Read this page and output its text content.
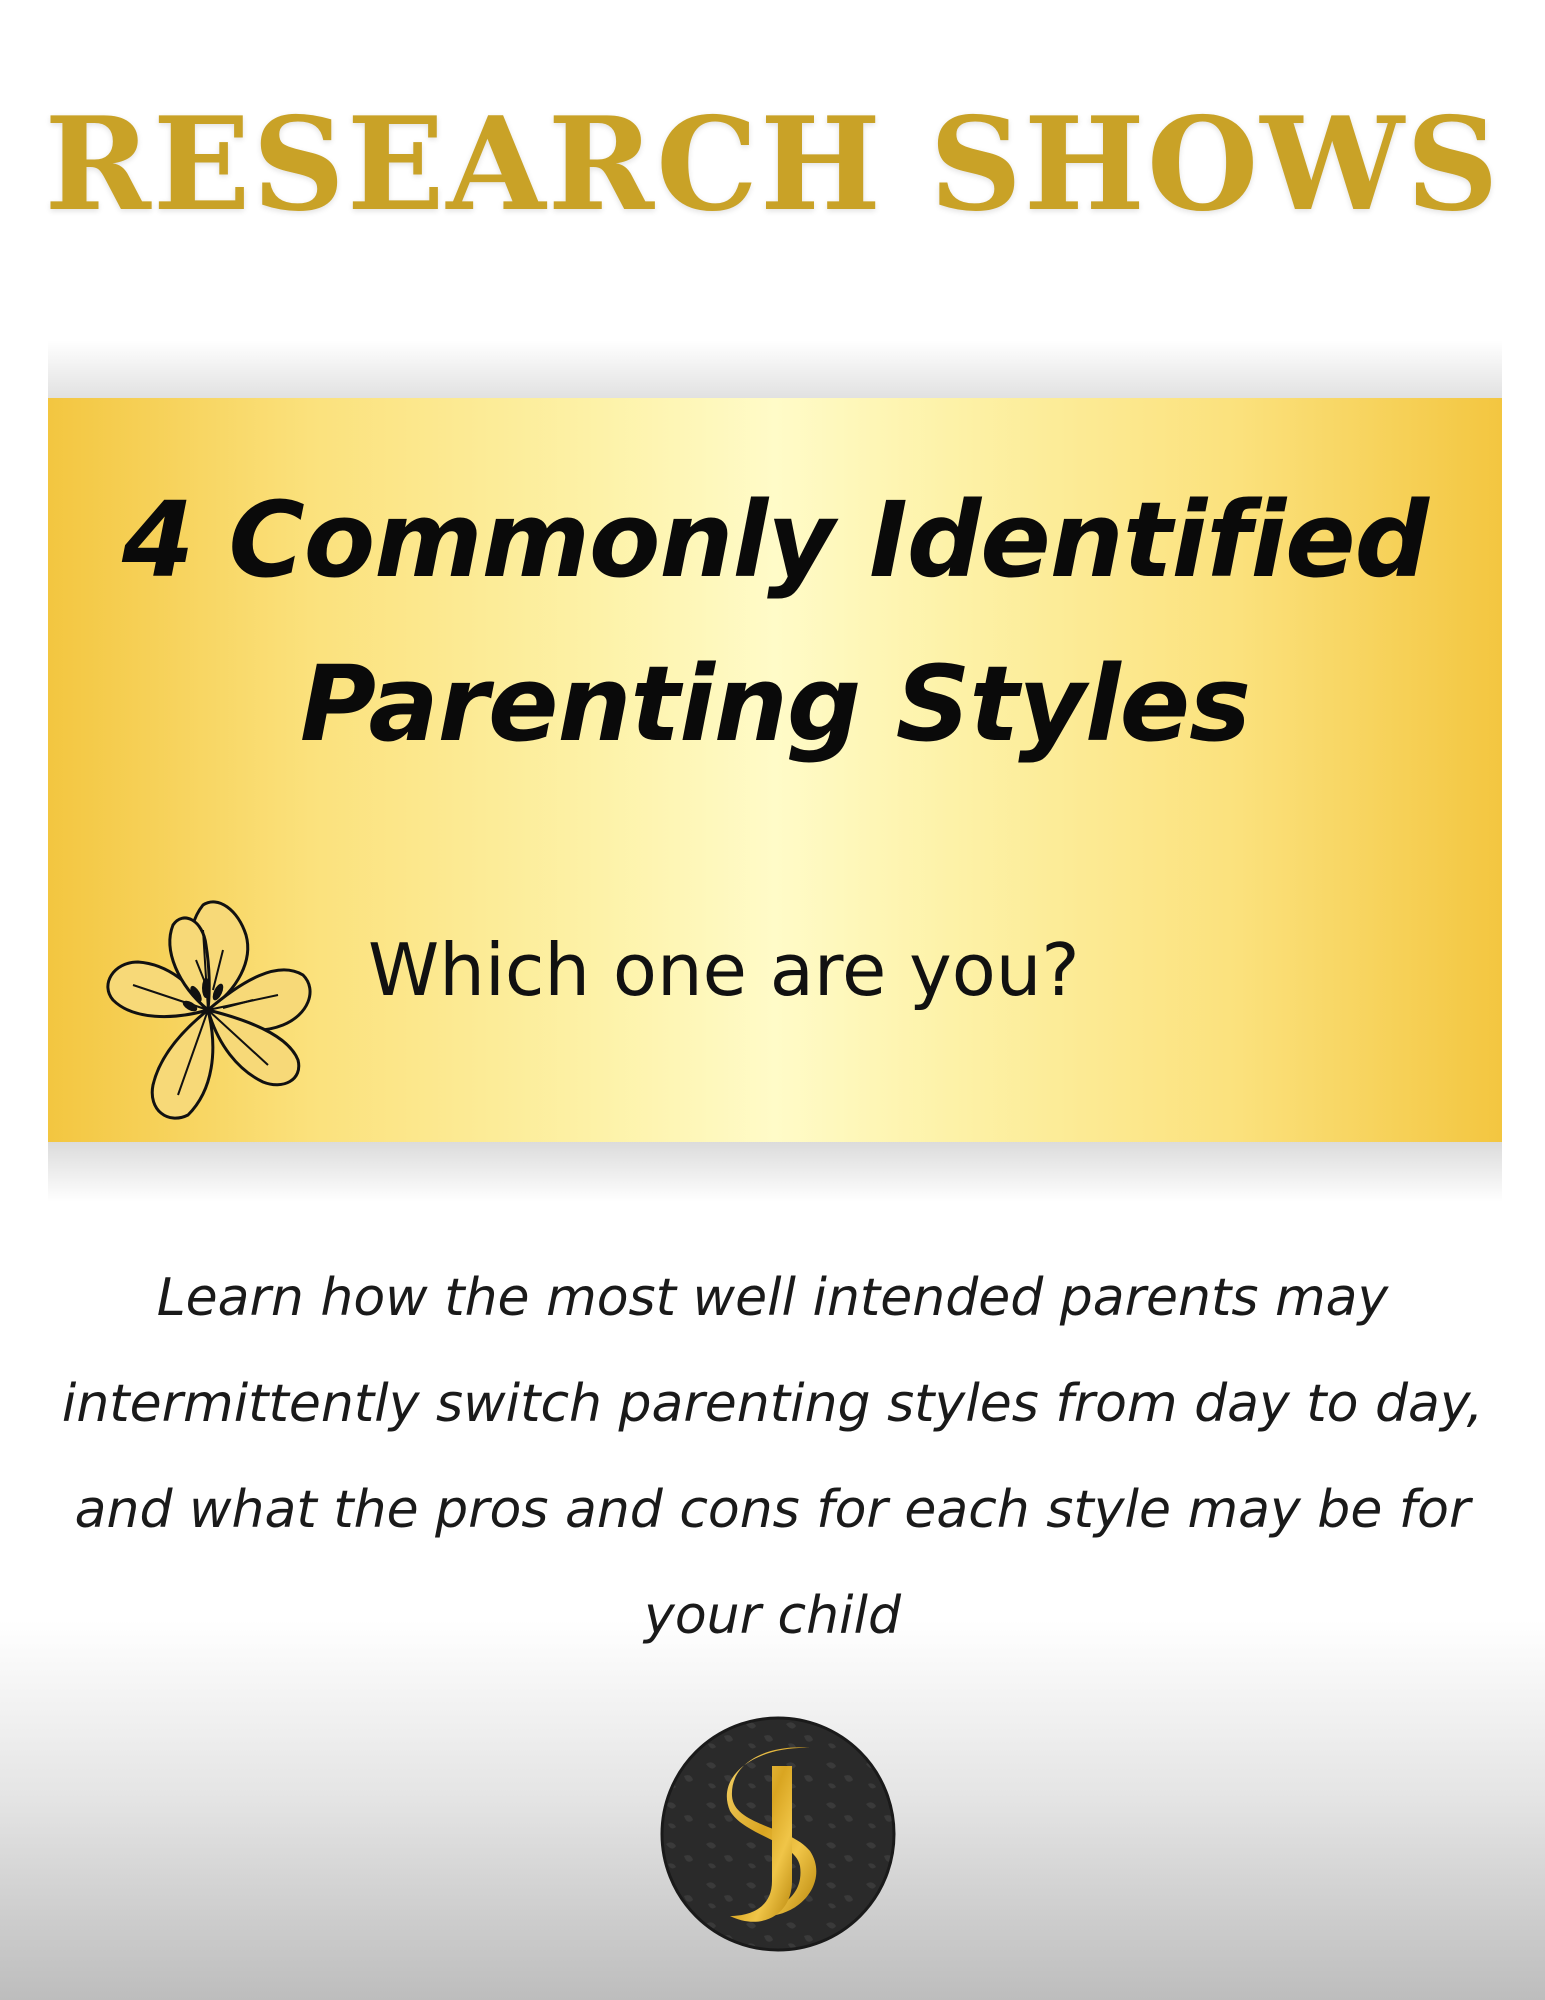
RESEARCH SHOWS
4 Commonly Identified Parenting Styles
Which one are you?
Learn how the most well intended parents may intermittently switch parenting styles from day to day, and what the pros and cons for each style may be for your child
